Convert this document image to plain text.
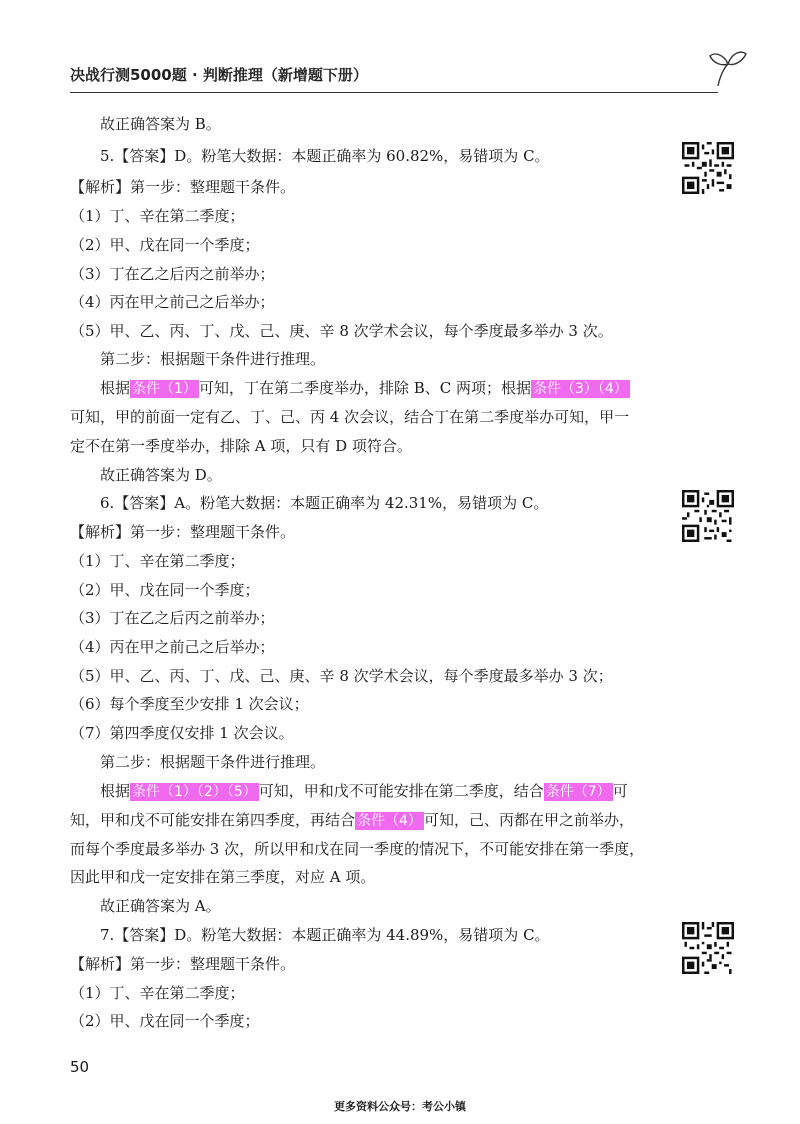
决战行测5000题 · 判断推理（新增题下册）
故正确答案为 B。
5.【答案】D。粉笔大数据：本题正确率为 60.82%，易错项为 C。
【解析】第一步：整理题干条件。
（1）丁、辛在第二季度；
（2）甲、戊在同一个季度；
（3）丁在乙之后丙之前举办；
（4）丙在甲之前己之后举办；
（5）甲、乙、丙、丁、戊、己、庚、辛 8 次学术会议，每个季度最多举办 3 次。
第二步：根据题干条件进行推理。
根据 条件（1） 可知，丁在第二季度举办，排除 B、C 两项；根据 条件（3）（4）
可知，甲的前面一定有乙、丁、己、丙 4 次会议，结合丁在第二季度举办可知，甲一
定不在第一季度举办，排除 A 项，只有 D 项符合。
故正确答案为 D。
6.【答案】A。粉笔大数据：本题正确率为 42.31%，易错项为 C。
【解析】第一步：整理题干条件。
（1）丁、辛在第二季度；
（2）甲、戊在同一个季度；
（3）丁在乙之后丙之前举办；
（4）丙在甲之前己之后举办；
（5）甲、乙、丙、丁、戊、己、庚、辛 8 次学术会议，每个季度最多举办 3 次；
（6）每个季度至少安排 1 次会议；
（7）第四季度仅安排 1 次会议。
第二步：根据题干条件进行推理。
根据 条件（1）（2）（5） 可知，甲和戊不可能安排在第二季度，结合 条件（7） 可
知，甲和戊不可能安排在第四季度，再结合 条件（4） 可知，己、丙都在甲之前举办，
而每个季度最多举办 3 次，所以甲和戊在同一季度的情况下，不可能安排在第一季度，
因此甲和戊一定安排在第三季度，对应 A 项。
故正确答案为 A。
7.【答案】D。粉笔大数据：本题正确率为 44.89%，易错项为 C。
【解析】第一步：整理题干条件。
（1）丁、辛在第二季度；
（2）甲、戊在同一个季度；
50
更多资料公众号：考公小镇
